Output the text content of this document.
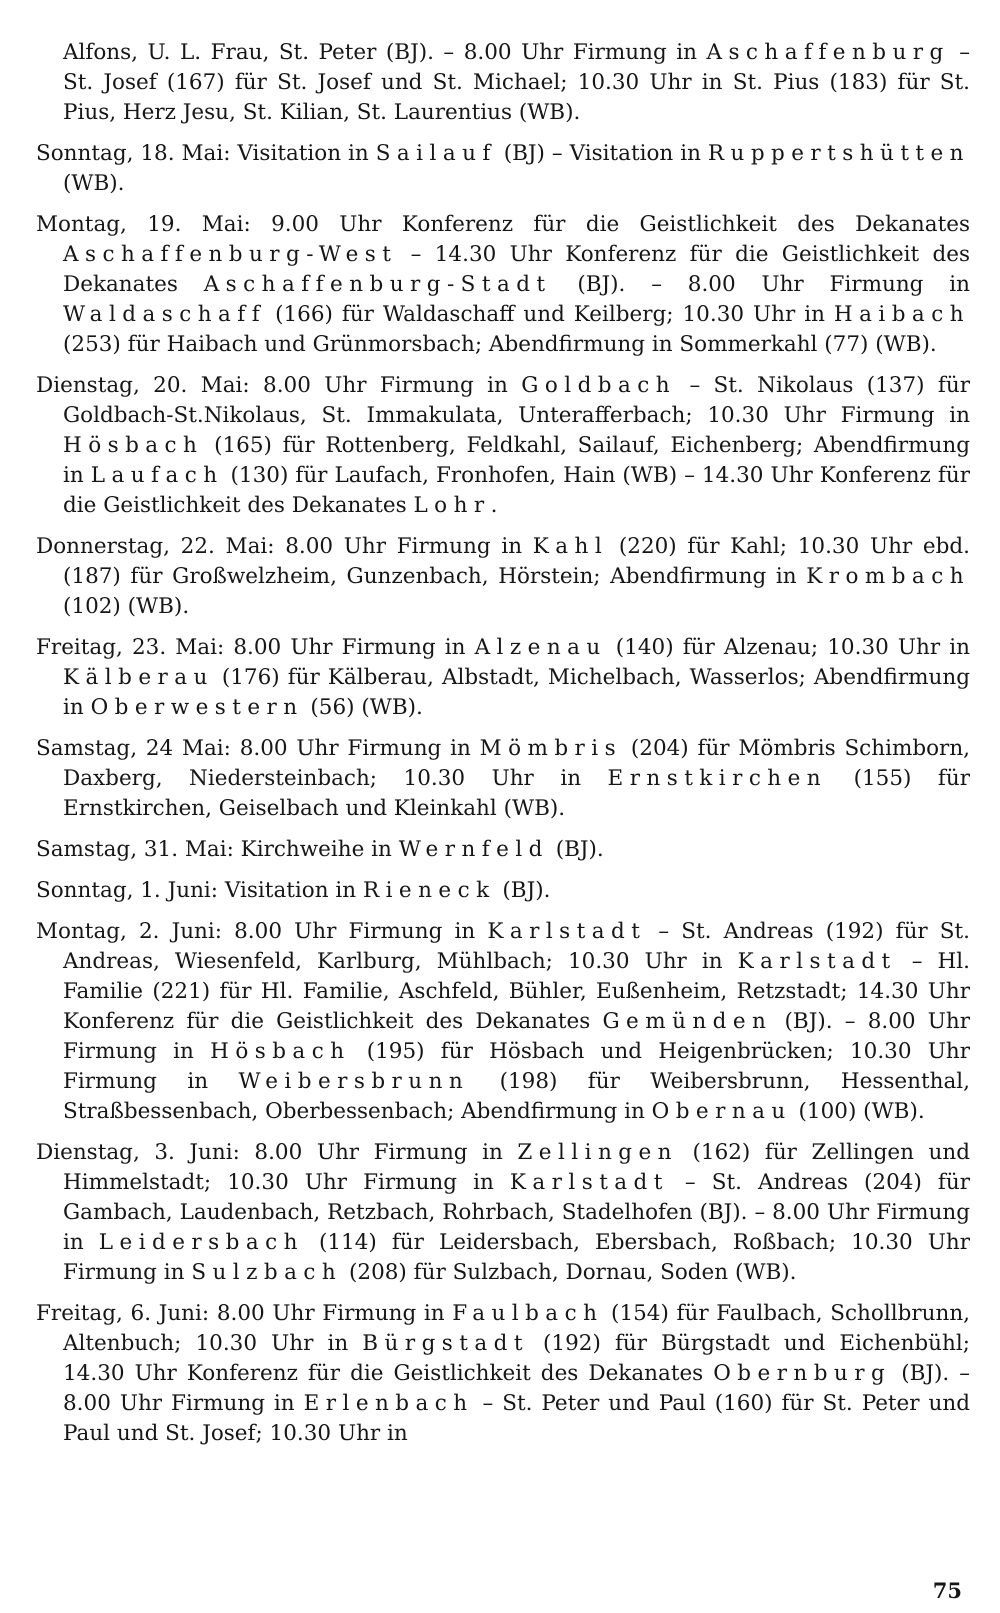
Alfons, U. L. Frau, St. Peter (BJ). – 8.00 Uhr Firmung in Aschaffenburg – St. Josef (167) für St. Josef und St. Michael; 10.30 Uhr in St. Pius (183) für St. Pius, Herz Jesu, St. Kilian, St. Laurentius (WB).

Sonntag, 18. Mai: Visitation in Sailauf (BJ) – Visitation in Ruppertshütten (WB).

Montag, 19. Mai: 9.00 Uhr Konferenz für die Geistlichkeit des Dekanates Aschaffenburg-West – 14.30 Uhr Konferenz für die Geistlichkeit des Dekanates Aschaffenburg-Stadt (BJ). – 8.00 Uhr Firmung in Waldaschaff (166) für Waldaschaff und Keilberg; 10.30 Uhr in Haibach (253) für Haibach und Grünmorsbach; Abendfirmung in Sommerkahl (77) (WB).

Dienstag, 20. Mai: 8.00 Uhr Firmung in Goldbach – St. Nikolaus (137) für Goldbach-St.Nikolaus, St. Immakulata, Unterafferbach; 10.30 Uhr Firmung in Hösbach (165) für Rottenberg, Feldkahl, Sailauf, Eichenberg; Abendfirmung in Laufach (130) für Laufach, Fronhofen, Hain (WB) – 14.30 Uhr Konferenz für die Geistlichkeit des Dekanates Lohr.

Donnerstag, 22. Mai: 8.00 Uhr Firmung in Kahl (220) für Kahl; 10.30 Uhr ebd. (187) für Großwelzheim, Gunzenbach, Hörstein; Abendfirmung in Krombach (102) (WB).

Freitag, 23. Mai: 8.00 Uhr Firmung in Alzenau (140) für Alzenau; 10.30 Uhr in Kälberau (176) für Kälberau, Albstadt, Michelbach, Wasserlos; Abendfirmung in Oberwestern (56) (WB).

Samstag, 24 Mai: 8.00 Uhr Firmung in Mömbris (204) für Mömbris Schimborn, Daxberg, Niedersteinbach; 10.30 Uhr in Ernstkirchen (155) für Ernstkirchen, Geiselbach und Kleinkahl (WB).

Samstag, 31. Mai: Kirchweihe in Wernfeld (BJ).

Sonntag, 1. Juni: Visitation in Rieneck (BJ).

Montag, 2. Juni: 8.00 Uhr Firmung in Karlstadt – St. Andreas (192) für St. Andreas, Wiesenfeld, Karlburg, Mühlbach; 10.30 Uhr in Karlstadt – Hl. Familie (221) für Hl. Familie, Aschfeld, Bühler, Eußenheim, Retzstadt; 14.30 Uhr Konferenz für die Geistlichkeit des Dekanates Gemünden (BJ). – 8.00 Uhr Firmung in Hösbach (195) für Hösbach und Heigenbrücken; 10.30 Uhr Firmung in Weibersbrunn (198) für Weibersbrunn, Hessenthal, Straßbessenbach, Oberbessenbach; Abendfirmung in Obernau (100) (WB).

Dienstag, 3. Juni: 8.00 Uhr Firmung in Zellingen (162) für Zellingen und Himmelstadt; 10.30 Uhr Firmung in Karlstadt – St. Andreas (204) für Gambach, Laudenbach, Retzbach, Rohrbach, Stadelhofen (BJ). – 8.00 Uhr Firmung in Leidersbach (114) für Leidersbach, Ebersbach, Roßbach; 10.30 Uhr Firmung in Sulzbach (208) für Sulzbach, Dornau, Soden (WB).

Freitag, 6. Juni: 8.00 Uhr Firmung in Faulbach (154) für Faulbach, Schollbrunn, Altenbuch; 10.30 Uhr in Bürgstadt (192) für Bürgstadt und Eichenbühl; 14.30 Uhr Konferenz für die Geistlichkeit des Dekanates Obernburg (BJ). – 8.00 Uhr Firmung in Erlenbach – St. Peter und Paul (160) für St. Peter und Paul und St. Josef; 10.30 Uhr in

75
